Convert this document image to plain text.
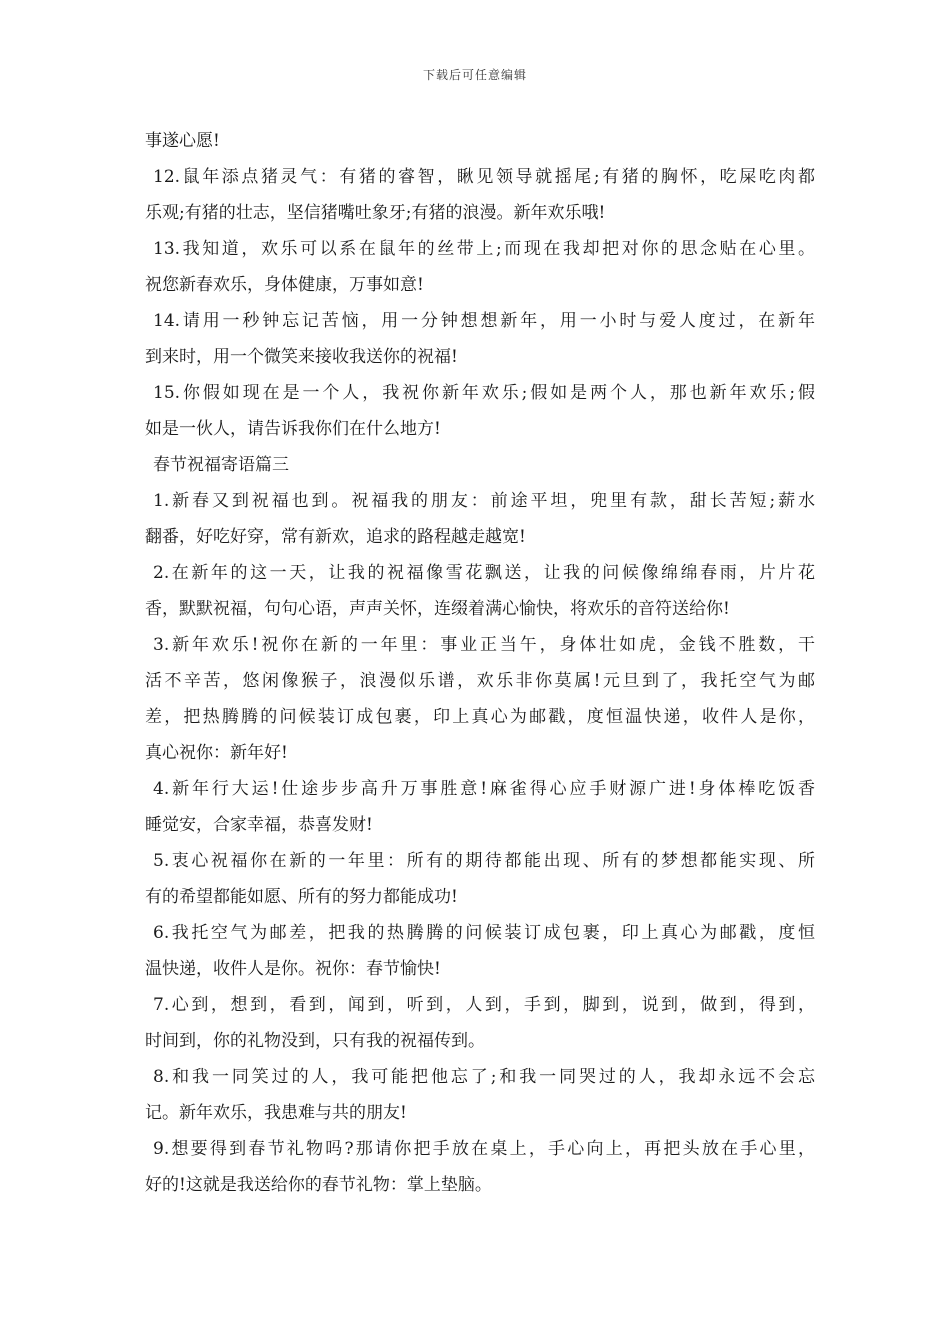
下载后可任意编辑
事遂心愿!
12.鼠年添点猪灵气：有猪的睿智，瞅见领导就摇尾;有猪的胸怀，吃屎吃肉都
乐观;有猪的壮志，坚信猪嘴吐象牙;有猪的浪漫。新年欢乐哦!
13.我知道，欢乐可以系在鼠年的丝带上;而现在我却把对你的思念贴在心里。
祝您新春欢乐，身体健康，万事如意!
14.请用一秒钟忘记苦恼，用一分钟想想新年，用一小时与爱人度过，在新年
到来时，用一个微笑来接收我送你的祝福!
15.你假如现在是一个人，我祝你新年欢乐;假如是两个人，那也新年欢乐;假
如是一伙人，请告诉我你们在什么地方!
春节祝福寄语篇三
1.新春又到祝福也到。祝福我的朋友：前途平坦，兜里有款，甜长苦短;薪水
翻番，好吃好穿，常有新欢，追求的路程越走越宽!
2.在新年的这一天，让我的祝福像雪花飘送，让我的问候像绵绵春雨，片片花
香，默默祝福，句句心语，声声关怀，连缀着满心愉快，将欢乐的音符送给你!
3.新年欢乐!祝你在新的一年里：事业正当午，身体壮如虎，金钱不胜数，干
活不辛苦，悠闲像猴子，浪漫似乐谱，欢乐非你莫属!元旦到了，我托空气为邮
差，把热腾腾的问候装订成包裹，印上真心为邮戳，度恒温快递，收件人是你，
真心祝你：新年好!
4.新年行大运!仕途步步高升万事胜意!麻雀得心应手财源广进!身体棒吃饭香
睡觉安，合家幸福，恭喜发财!
5.衷心祝福你在新的一年里：所有的期待都能出现、所有的梦想都能实现、所
有的希望都能如愿、所有的努力都能成功!
6.我托空气为邮差，把我的热腾腾的问候装订成包裹，印上真心为邮戳，度恒
温快递，收件人是你。祝你：春节愉快!
7.心到，想到，看到，闻到，听到，人到，手到，脚到，说到，做到，得到，
时间到，你的礼物没到，只有我的祝福传到。
8.和我一同笑过的人，我可能把他忘了;和我一同哭过的人，我却永远不会忘
记。新年欢乐，我患难与共的朋友!
9.想要得到春节礼物吗?那请你把手放在桌上，手心向上，再把头放在手心里，
好的!这就是我送给你的春节礼物：掌上垫脑。
